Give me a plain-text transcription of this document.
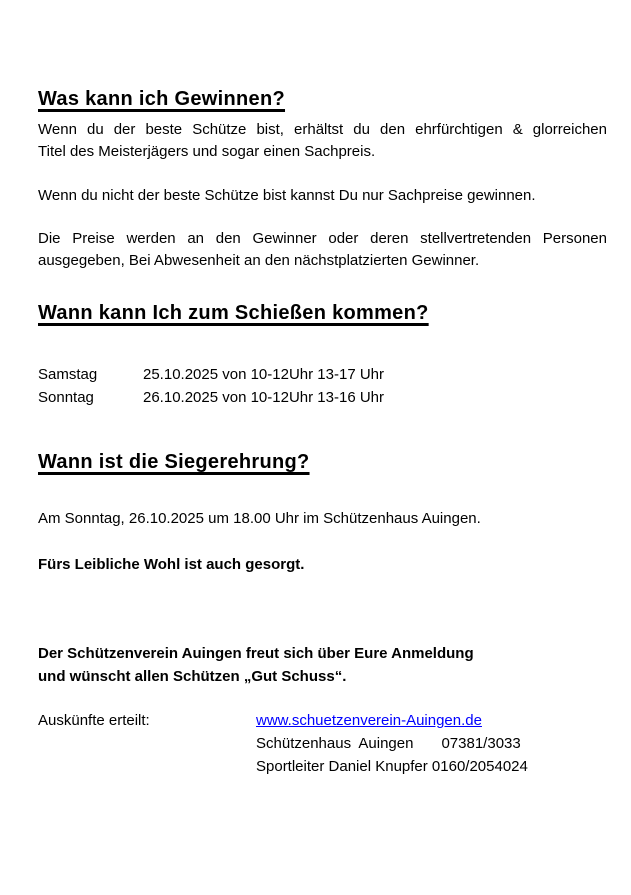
Was kann ich Gewinnen?
Wenn du der beste Schütze bist, erhältst du den ehrfürchtigen & glorreichen
Titel des Meisterjägers und sogar einen Sachpreis.
Wenn du nicht der beste Schütze bist kannst Du nur Sachpreise gewinnen.
Die Preise werden an den Gewinner oder deren stellvertretenden Personen
ausgegeben, Bei Abwesenheit an den nächstplatzierten Gewinner.
Wann kann Ich zum Schießen kommen?
Samstag	25.10.2025 von 10-12Uhr 13-17 Uhr
Sonntag	26.10.2025 von 10-12Uhr 13-16 Uhr
Wann ist die Siegerehrung?
Am Sonntag, 26.10.2025 um 18.00 Uhr im Schützenhaus Auingen.
Fürs Leibliche Wohl ist auch gesorgt.
Der Schützenverein Auingen freut sich über Eure Anmeldung
und wünscht allen Schützen „Gut Schuss“.
Auskünfte erteilt:	www.schuetzenverein-Auingen.de
Schützenhaus Auingen 07381/3033
Sportleiter Daniel Knupfer 0160/2054024
